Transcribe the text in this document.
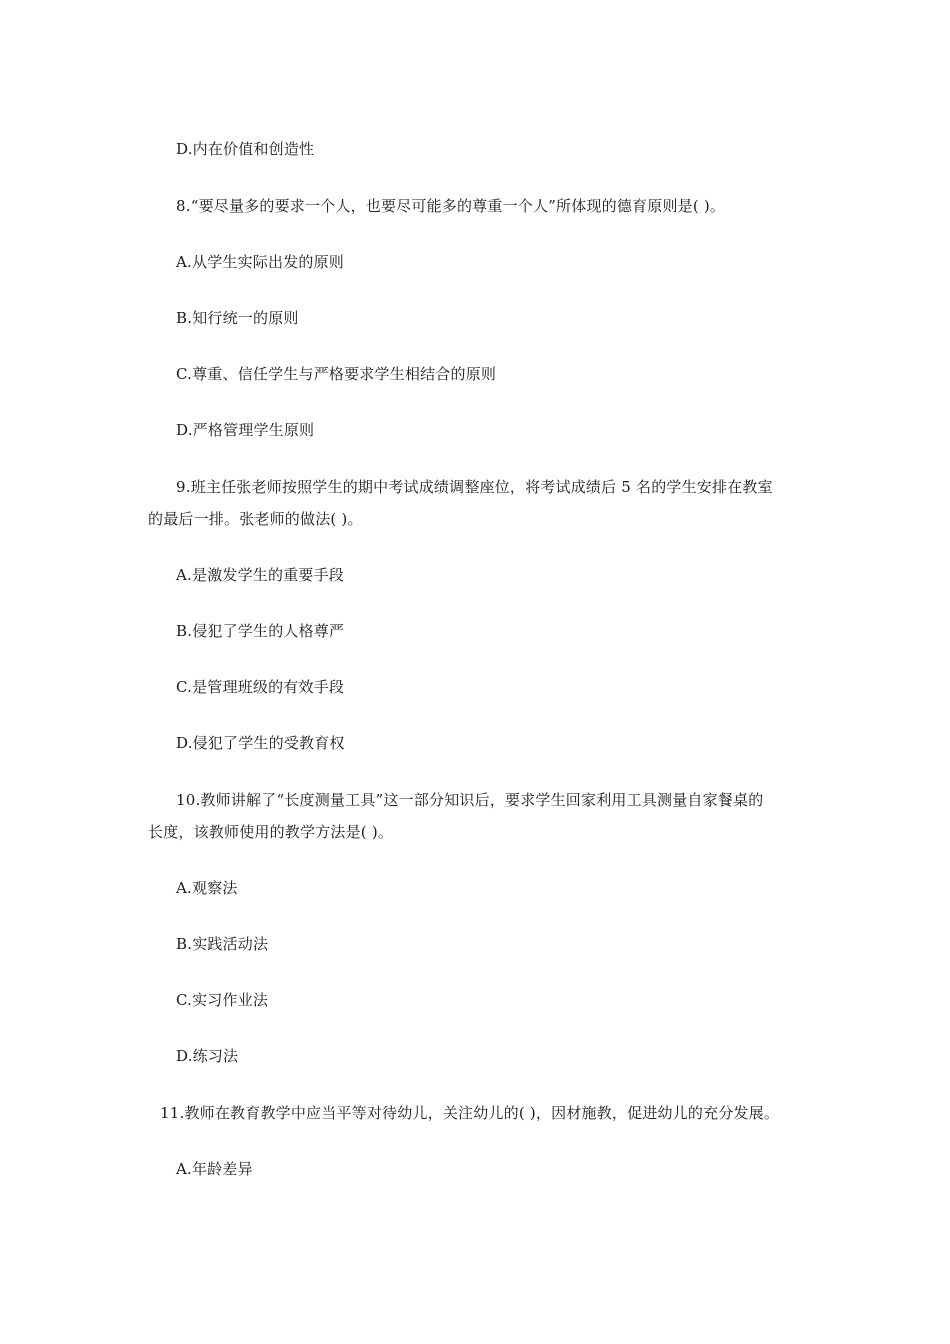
D.内在价值和创造性
8.“要尽量多的要求一个人，也要尽可能多的尊重一个人”所体现的德育原则是( )。
A.从学生实际出发的原则
B.知行统一的原则
C.尊重、信任学生与严格要求学生相结合的原则
D.严格管理学生原则
9.班主任张老师按照学生的期中考试成绩调整座位，将考试成绩后 5 名的学生安排在教室
的最后一排。张老师的做法( )。
A.是激发学生的重要手段
B.侵犯了学生的人格尊严
C.是管理班级的有效手段
D.侵犯了学生的受教育权
10.教师讲解了“长度测量工具”这一部分知识后，要求学生回家利用工具测量自家餐桌的
长度，该教师使用的教学方法是( )。
A.观察法
B.实践活动法
C.实习作业法
D.练习法
11.教师在教育教学中应当平等对待幼儿，关注幼儿的( )，因材施教，促进幼儿的充分发展。
A.年龄差异
